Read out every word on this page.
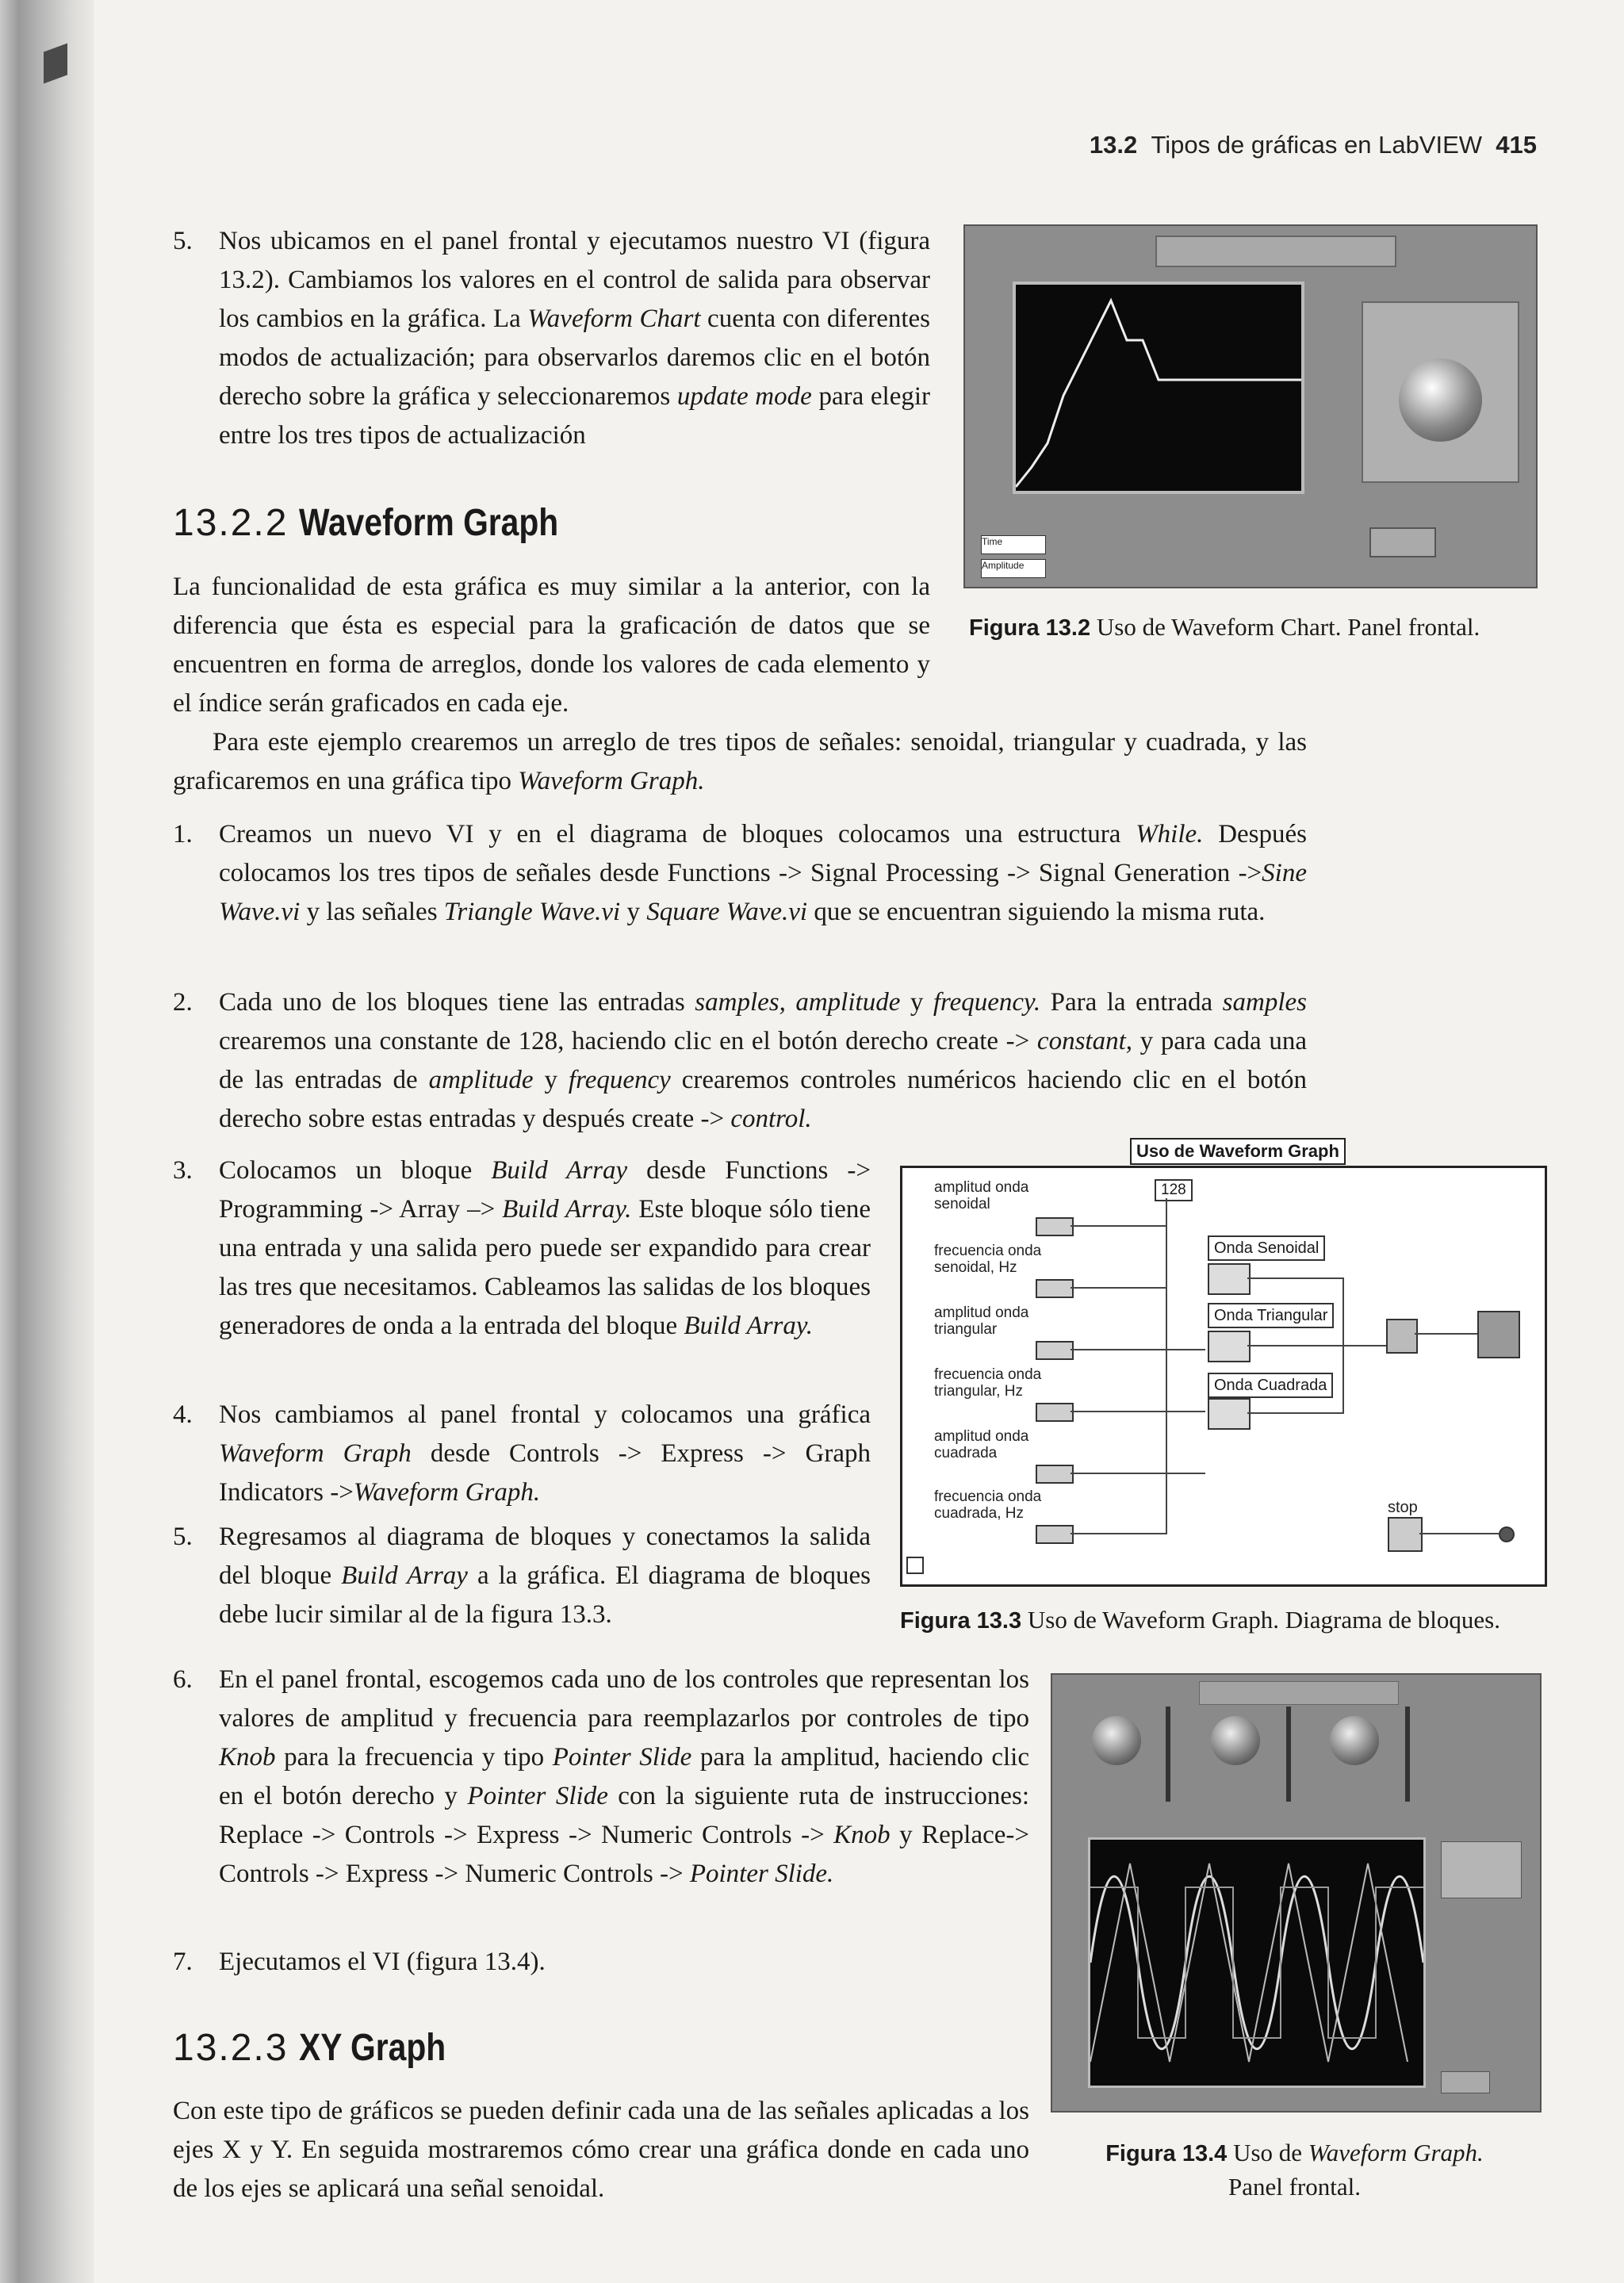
13.2 Tipos de gráficas en LabVIEW 415
5. Nos ubicamos en el panel frontal y ejecutamos nuestro VI (figura 13.2). Cambiamos los valores en el control de salida para observar los cambios en la gráfica. La Waveform Chart cuenta con diferentes modos de actualización; para observarlos daremos clic en el botón derecho sobre la gráfica y seleccionaremos update mode para elegir entre los tres tipos de actualización
Time
Amplitude
Figura 13.2 Uso de Waveform Chart. Panel frontal.
13.2.2 Waveform Graph
La funcionalidad de esta gráfica es muy similar a la anterior, con la diferencia que ésta es especial para la graficación de datos que se encuentren en forma de arreglos, donde los valores de cada elemento y el índice serán graficados en cada eje.
Para este ejemplo crearemos un arreglo de tres tipos de señales: senoidal, triangular y cuadrada, y las graficaremos en una gráfica tipo Waveform Graph.
1. Creamos un nuevo VI y en el diagrama de bloques colocamos una estructura While. Después colocamos los tres tipos de señales desde Functions -> Signal Processing -> Signal Generation ->Sine Wave.vi y las señales Triangle Wave.vi y Square Wave.vi que se encuentran siguiendo la misma ruta.
2. Cada uno de los bloques tiene las entradas samples, amplitude y frequency. Para la entrada samples crearemos una constante de 128, haciendo clic en el botón derecho create -> constant, y para cada una de las entradas de amplitude y frequency crearemos controles numéricos haciendo clic en el botón derecho sobre estas entradas y después create -> control.
3. Colocamos un bloque Build Array desde Functions -> Programming -> Array –> Build Array. Este bloque sólo tiene una entrada y una salida pero puede ser expandido para crear las tres que necesitamos. Cableamos las salidas de los bloques generadores de onda a la entrada del bloque Build Array.
4. Nos cambiamos al panel frontal y colocamos una gráfica Waveform Graph desde Controls -> Express -> Graph Indicators ->Waveform Graph.
5. Regresamos al diagrama de bloques y conectamos la salida del bloque Build Array a la gráfica. El diagrama de bloques debe lucir similar al de la figura 13.3.
Uso de Waveform Graph
amplitud onda senoidal
frecuencia onda senoidal, Hz
amplitud onda triangular
frecuencia onda triangular, Hz
amplitud onda cuadrada
frecuencia onda cuadrada, Hz
128
Onda Senoidal
Onda Triangular
Onda Cuadrada
stop
Figura 13.3 Uso de Waveform Graph. Diagrama de bloques.
6. En el panel frontal, escogemos cada uno de los controles que representan los valores de amplitud y frecuencia para reemplazarlos por controles de tipo Knob para la frecuencia y tipo Pointer Slide para la amplitud, haciendo clic en el botón derecho y Pointer Slide con la siguiente ruta de instrucciones: Replace -> Controls -> Express -> Numeric Controls -> Knob y Replace-> Controls -> Express -> Numeric Controls -> Pointer Slide.
7. Ejecutamos el VI (figura 13.4).
Figura 13.4 Uso de Waveform Graph.
Panel frontal.
13.2.3 XY Graph
Con este tipo de gráficos se pueden definir cada una de las señales aplicadas a los ejes X y Y. En seguida mostraremos cómo crear una gráfica donde en cada uno de los ejes se aplicará una señal senoidal.
